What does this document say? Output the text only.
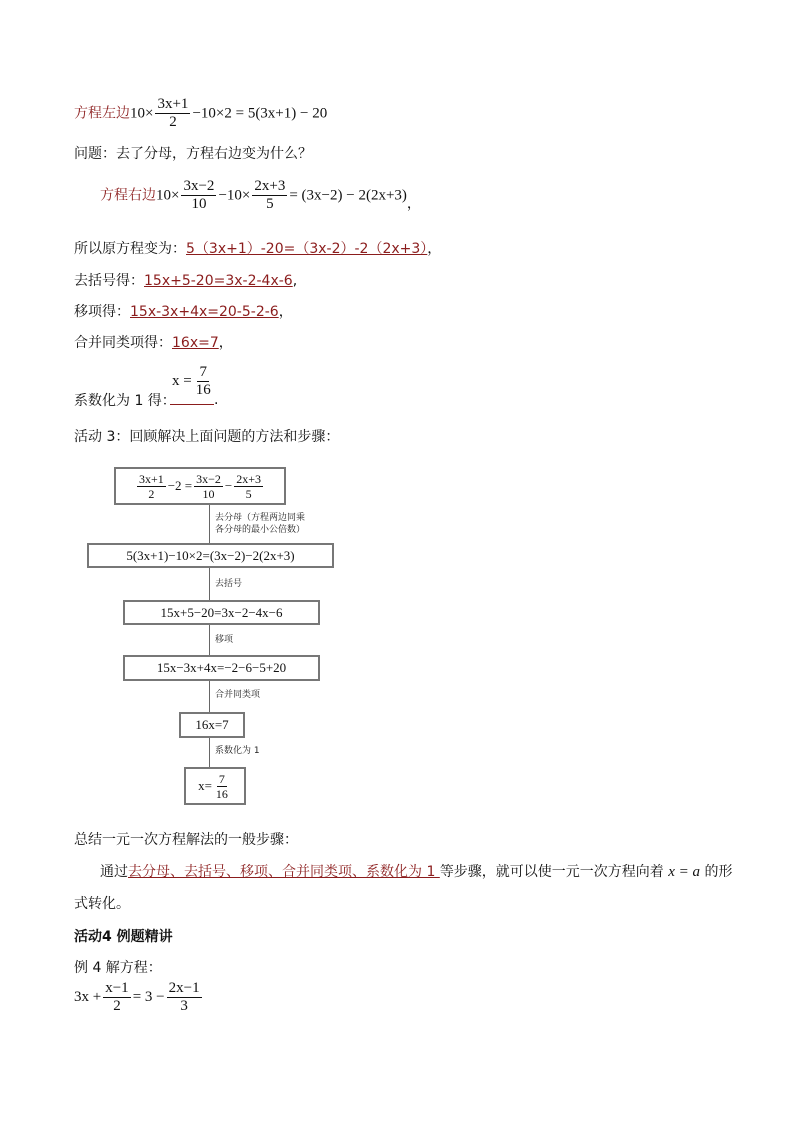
方程左边$10\times \frac{3x+1}{2} -10\times 2 = 5(3x+1) - 20$
问题：去了分母，方程右边变为什么？
方程右边$10\times \frac{3x-2}{10} -10\times \frac{2x+3}{5} = (3x-2) - 2(2x+3)$，
所以原方程变为：5（3x+1）-20=（3x-2）-2（2x+3），
去括号得：15x+5-20=3x-2-4x-6,
移项得：15x-3x+4x=20-5-2-6，
合并同类项得：16x=7，
系数化为 1 得：
$x = \frac{7}{16}$
.
活动 3：回顾解决上面问题的方法和步骤：
$\frac{3x+1}{2} -2 = \frac{3x-2}{10} - \frac{2x+3}{5}$
去分母（方程两边同乘
各分母的最小公倍数）
5(3x+1)−10×2=(3x−2)−2(2x+3)
去括号
15x+5−20=3x−2−4x−6
移项
15x−3x+4x=−2−6−5+20
合并同类项
16x=7
系数化为 1
$x= \frac{7}{16}$
总结一元一次方程解法的一般步骤：
通过去分母、去括号、移项、合并同类项、系数化为 1 等步骤，就可以使一元一次方程向着 x = a 的形
式转化。
活动4 例题精讲
例 4 解方程：
$3x + \frac{x-1}{2} = 3 - \frac{2x-1}{3}$
